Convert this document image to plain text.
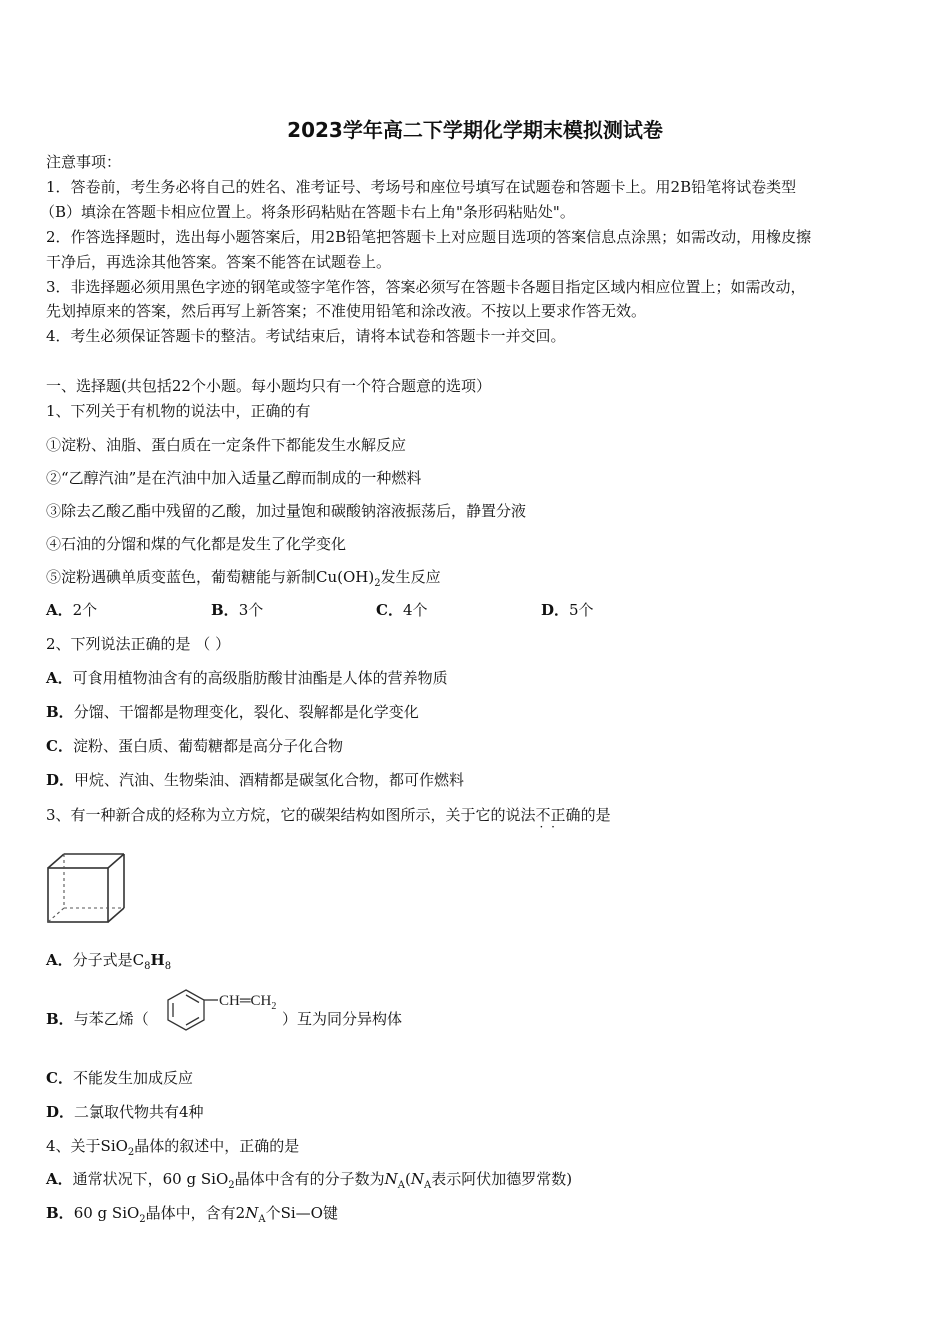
2023学年高二下学期化学期末模拟测试卷
注意事项：
1．答卷前，考生务必将自己的姓名、准考证号、考场号和座位号填写在试题卷和答题卡上。用2B铅笔将试卷类型
（B）填涂在答题卡相应位置上。将条形码粘贴在答题卡右上角"条形码粘贴处"。
2．作答选择题时，选出每小题答案后，用2B铅笔把答题卡上对应题目选项的答案信息点涂黑；如需改动，用橡皮擦
干净后，再选涂其他答案。答案不能答在试题卷上。
3．非选择题必须用黑色字迹的钢笔或签字笔作答，答案必须写在答题卡各题目指定区域内相应位置上；如需改动，
先划掉原来的答案，然后再写上新答案；不准使用铅笔和涂改液。不按以上要求作答无效。
4．考生必须保证答题卡的整洁。考试结束后，请将本试卷和答题卡一并交回。
一、选择题(共包括22个小题。每小题均只有一个符合题意的选项）
1、下列关于有机物的说法中，正确的有
①淀粉、油脂、蛋白质在一定条件下都能发生水解反应
②“乙醇汽油”是在汽油中加入适量乙醇而制成的一种燃料
③除去乙酸乙酯中残留的乙酸，加过量饱和碳酸钠溶液振荡后，静置分液
④石油的分馏和煤的气化都是发生了化学变化
⑤淀粉遇碘单质变蓝色，葡萄糖能与新制$Cu(OH)_2$发生反应
A．2个	B．3个	C．4个	D．5个
2、下列说法正确的是 （ ）
A．可食用植物油含有的高级脂肪酸甘油酯是人体的营养物质
B．分馏、干馏都是物理变化，裂化、裂解都是化学变化
C．淀粉、蛋白质、葡萄糖都是高分子化合物
D．甲烷、汽油、生物柴油、酒精都是碳氢化合物，都可作燃料
3、有一种新合成的烃称为立方烷，它的碳架结构如图所示，关于它的说法不正确 · ·的是
A．分子式是$C_8H_8$
B．与苯乙烯（
$CH═CH_2$
）互为同分异构体
C．不能发生加成反应
D．二氯取代物共有4种
4、关于SiO$_2$晶体的叙述中，正确的是
A．通常状况下，60 g SiO$_2$晶体中含有的分子数为$N_A(N_A$表示阿伏加德罗常数)
B．60 g SiO$_2$晶体中，含有$2N_A$个Si—O键
